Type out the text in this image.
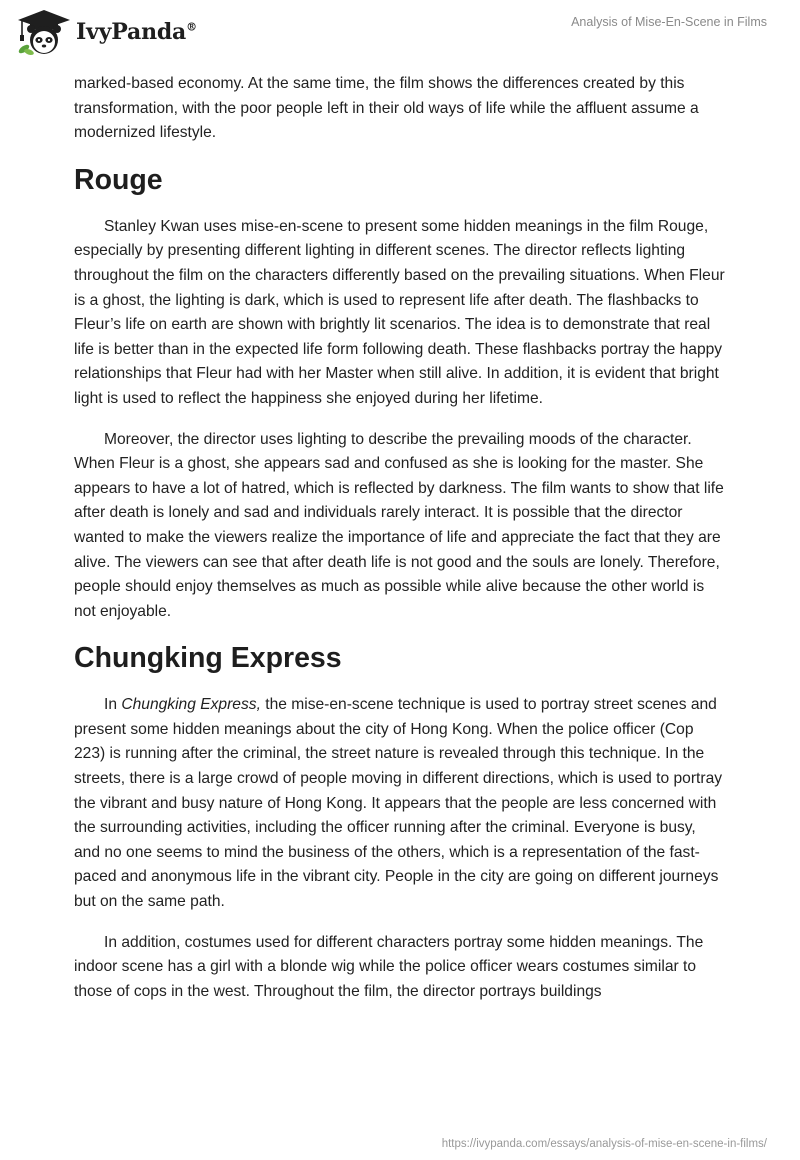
IvyPanda®	Analysis of Mise-En-Scene in Films

marked-based economy. At the same time, the film shows the differences created by this transformation, with the poor people left in their old ways of life while the affluent assume a modernized lifestyle.

Rouge

Stanley Kwan uses mise-en-scene to present some hidden meanings in the film Rouge, especially by presenting different lighting in different scenes. The director reflects lighting throughout the film on the characters differently based on the prevailing situations. When Fleur is a ghost, the lighting is dark, which is used to represent life after death. The flashbacks to Fleur’s life on earth are shown with brightly lit scenarios. The idea is to demonstrate that real life is better than in the expected life form following death. These flashbacks portray the happy relationships that Fleur had with her Master when still alive. In addition, it is evident that bright light is used to reflect the happiness she enjoyed during her lifetime.

Moreover, the director uses lighting to describe the prevailing moods of the character. When Fleur is a ghost, she appears sad and confused as she is looking for the master. She appears to have a lot of hatred, which is reflected by darkness. The film wants to show that life after death is lonely and sad and individuals rarely interact. It is possible that the director wanted to make the viewers realize the importance of life and appreciate the fact that they are alive. The viewers can see that after death life is not good and the souls are lonely. Therefore, people should enjoy themselves as much as possible while alive because the other world is not enjoyable.

Chungking Express

In Chungking Express, the mise-en-scene technique is used to portray street scenes and present some hidden meanings about the city of Hong Kong. When the police officer (Cop 223) is running after the criminal, the street nature is revealed through this technique. In the streets, there is a large crowd of people moving in different directions, which is used to portray the vibrant and busy nature of Hong Kong. It appears that the people are less concerned with the surrounding activities, including the officer running after the criminal. Everyone is busy, and no one seems to mind the business of the others, which is a representation of the fast-paced and anonymous life in the vibrant city. People in the city are going on different journeys but on the same path.

In addition, costumes used for different characters portray some hidden meanings. The indoor scene has a girl with a blonde wig while the police officer wears costumes similar to those of cops in the west. Throughout the film, the director portrays buildings

https://ivypanda.com/essays/analysis-of-mise-en-scene-in-films/
